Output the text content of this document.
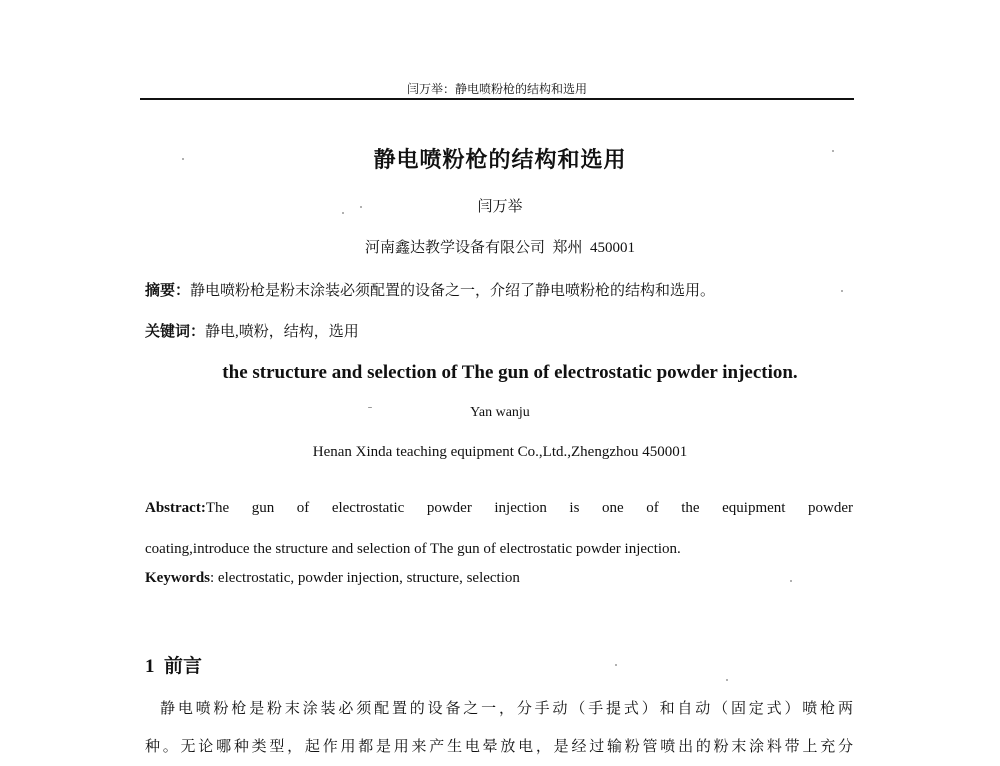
闫万举：静电喷粉枪的结构和选用
静电喷粉枪的结构和选用
闫万举
河南鑫达教学设备有限公司  郑州  450001
摘要：静电喷粉枪是粉末涂装必须配置的设备之一，介绍了静电喷粉枪的结构和选用。
关键词：静电,喷粉，结构，选用
the structure and selection of The gun of electrostatic powder injection.
Yan wanju
Henan Xinda teaching equipment Co.,Ltd.,Zhengzhou 450001
Abstract:The gun of electrostatic powder injection is one of the equipment powder
coating,introduce the structure and selection of The gun of electrostatic powder injection.
Keywords: electrostatic, powder injection, structure, selection
1  前言
静电喷粉枪是粉末涂装必须配置的设备之一，分手动（手提式）和自动（固定式）喷枪两
种。无论哪种类型，起作用都是用来产生电晕放电，是经过输粉管喷出的粉末涂料带上充分
